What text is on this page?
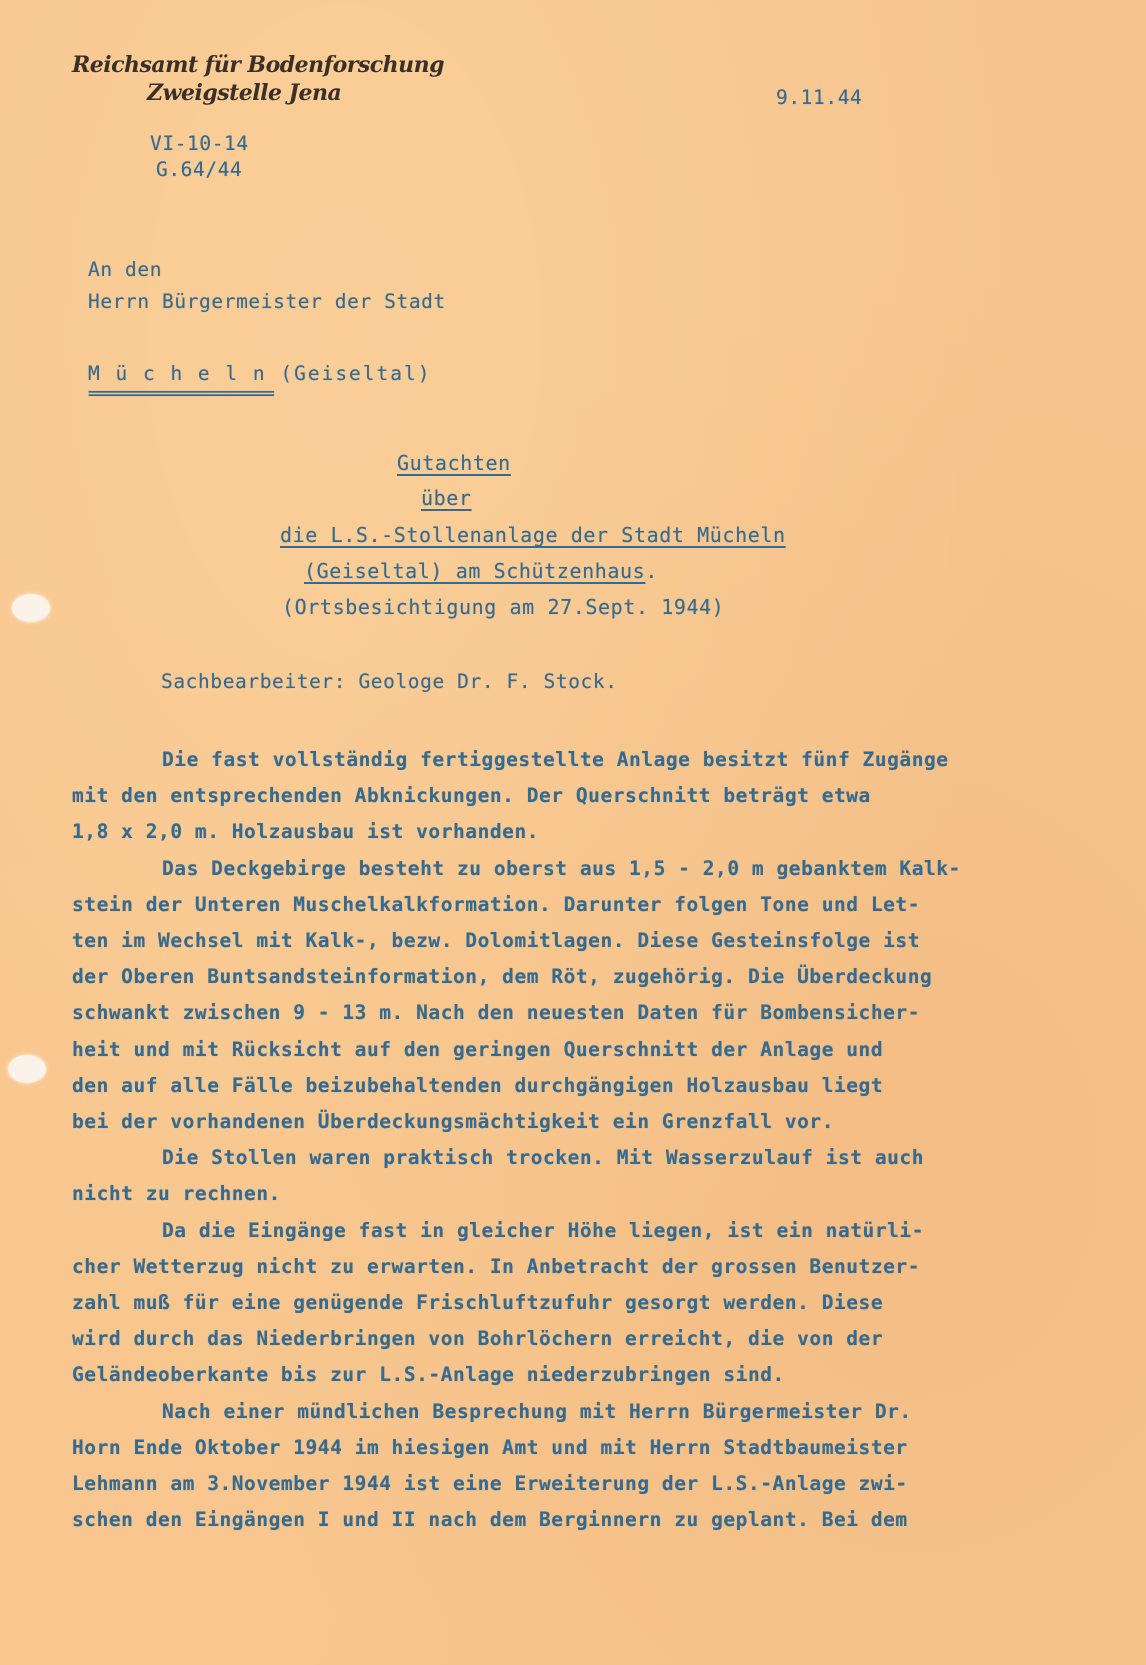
Reichsamt für Bodenforschung
Zweigstelle Jena	9.11.44
VI-10-14
G.64/44
An den
Herrn Bürgermeister der Stadt
M ü c h e l n (Geiseltal)
==========================
Gutachten
über
die L.S.-Stollenanlage der Stadt Mücheln
(Geiseltal) am Schützenhaus.
(Ortsbesichtigung am 27.Sept. 1944)
Sachbearbeiter: Geologe Dr. F. Stock.
Die fast vollständig fertiggestellte Anlage besitzt fünf Zugänge
mit den entsprechenden Abknickungen. Der Querschnitt beträgt etwa
1,8 x 2,0 m. Holzausbau ist vorhanden.
Das Deckgebirge besteht zu oberst aus 1,5 - 2,0 m gebanktem Kalk-
stein der Unteren Muschelkalkformation. Darunter folgen Tone und Let-
ten im Wechsel mit Kalk-, bezw. Dolomitlagen. Diese Gesteinsfolge ist
der Oberen Buntsandsteinformation, dem Röt, zugehörig. Die Überdeckung
schwankt zwischen 9 - 13 m. Nach den neuesten Daten für Bombensicher-
heit und mit Rücksicht auf den geringen Querschnitt der Anlage und
den auf alle Fälle beizubehaltenden durchgängigen Holzausbau liegt
bei der vorhandenen Überdeckungsmächtigkeit ein Grenzfall vor.
Die Stollen waren praktisch trocken. Mit Wasserzulauf ist auch
nicht zu rechnen.
Da die Eingänge fast in gleicher Höhe liegen, ist ein natürli-
cher Wetterzug nicht zu erwarten. In Anbetracht der grossen Benutzer-
zahl muß für eine genügende Frischluftzufuhr gesorgt werden. Diese
wird durch das Niederbringen von Bohrlöchern erreicht, die von der
Geländeoberkante bis zur L.S.-Anlage niederzubringen sind.
Nach einer mündlichen Besprechung mit Herrn Bürgermeister Dr.
Horn Ende Oktober 1944 im hiesigen Amt und mit Herrn Stadtbaumeister
Lehmann am 3.November 1944 ist eine Erweiterung der L.S.-Anlage zwi-
schen den Eingängen I und II nach dem Berginnern zu geplant. Bei dem
